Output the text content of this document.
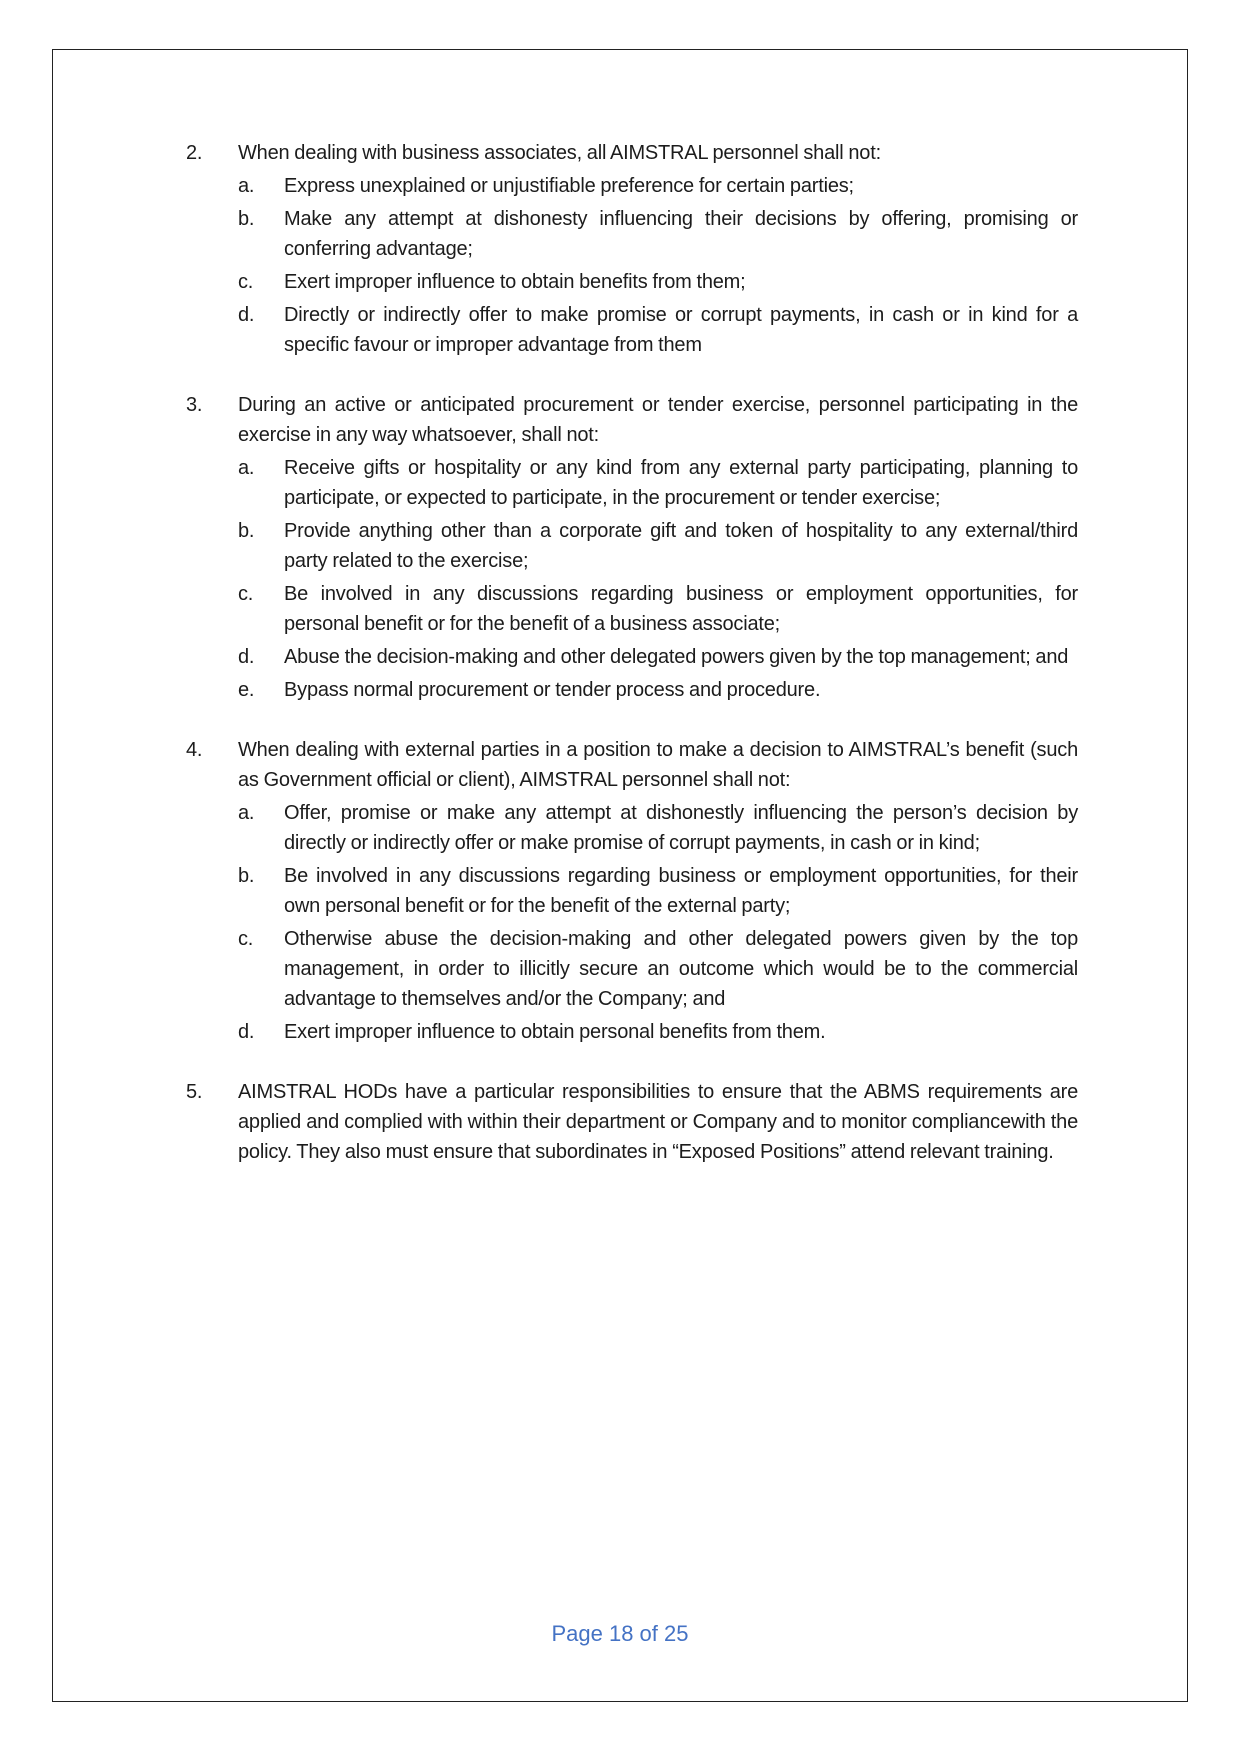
2.	When dealing with business associates, all AIMSTRAL personnel shall not:

a.	Express unexplained or unjustifiable preference for certain parties;

b.	Make any attempt at dishonesty influencing their decisions by offering, promising or conferring advantage;

c.	Exert improper influence to obtain benefits from them;

d.	Directly or indirectly offer to make promise or corrupt payments, in cash or in kind for a specific favour or improper advantage from them

3.	During an active or anticipated procurement or tender exercise, personnel participating in the exercise in any way whatsoever, shall not:

a.	Receive gifts or hospitality or any kind from any external party participating, planning to participate, or expected to participate, in the procurement or tender exercise;

b.	Provide anything other than a corporate gift and token of hospitality to any external/third party related to the exercise;

c.	Be involved in any discussions regarding business or employment opportunities, for personal benefit or for the benefit of a business associate;

d.	Abuse the decision-making and other delegated powers given by the top management; and

e.	Bypass normal procurement or tender process and procedure.

4.	When dealing with external parties in a position to make a decision to AIMSTRAL’s benefit (such as Government official or client), AIMSTRAL personnel shall not:

a.	Offer, promise or make any attempt at dishonestly influencing the person’s decision by directly or indirectly offer or make promise of corrupt payments, in cash or in kind;

b.	Be involved in any discussions regarding business or employment opportunities, for their own personal benefit or for the benefit of the external party;

c.	Otherwise abuse the decision-making and other delegated powers given by the top management, in order to illicitly secure an outcome which would be to the commercial advantage to themselves and/or the Company; and

d.	Exert improper influence to obtain personal benefits from them.

5.	AIMSTRAL HODs have a particular responsibilities to ensure that the ABMS requirements are applied and complied with within their department or Company and to monitor compliancewith the policy. They also must ensure that subordinates in “Exposed Positions” attend relevant training.

Page 18 of 25
